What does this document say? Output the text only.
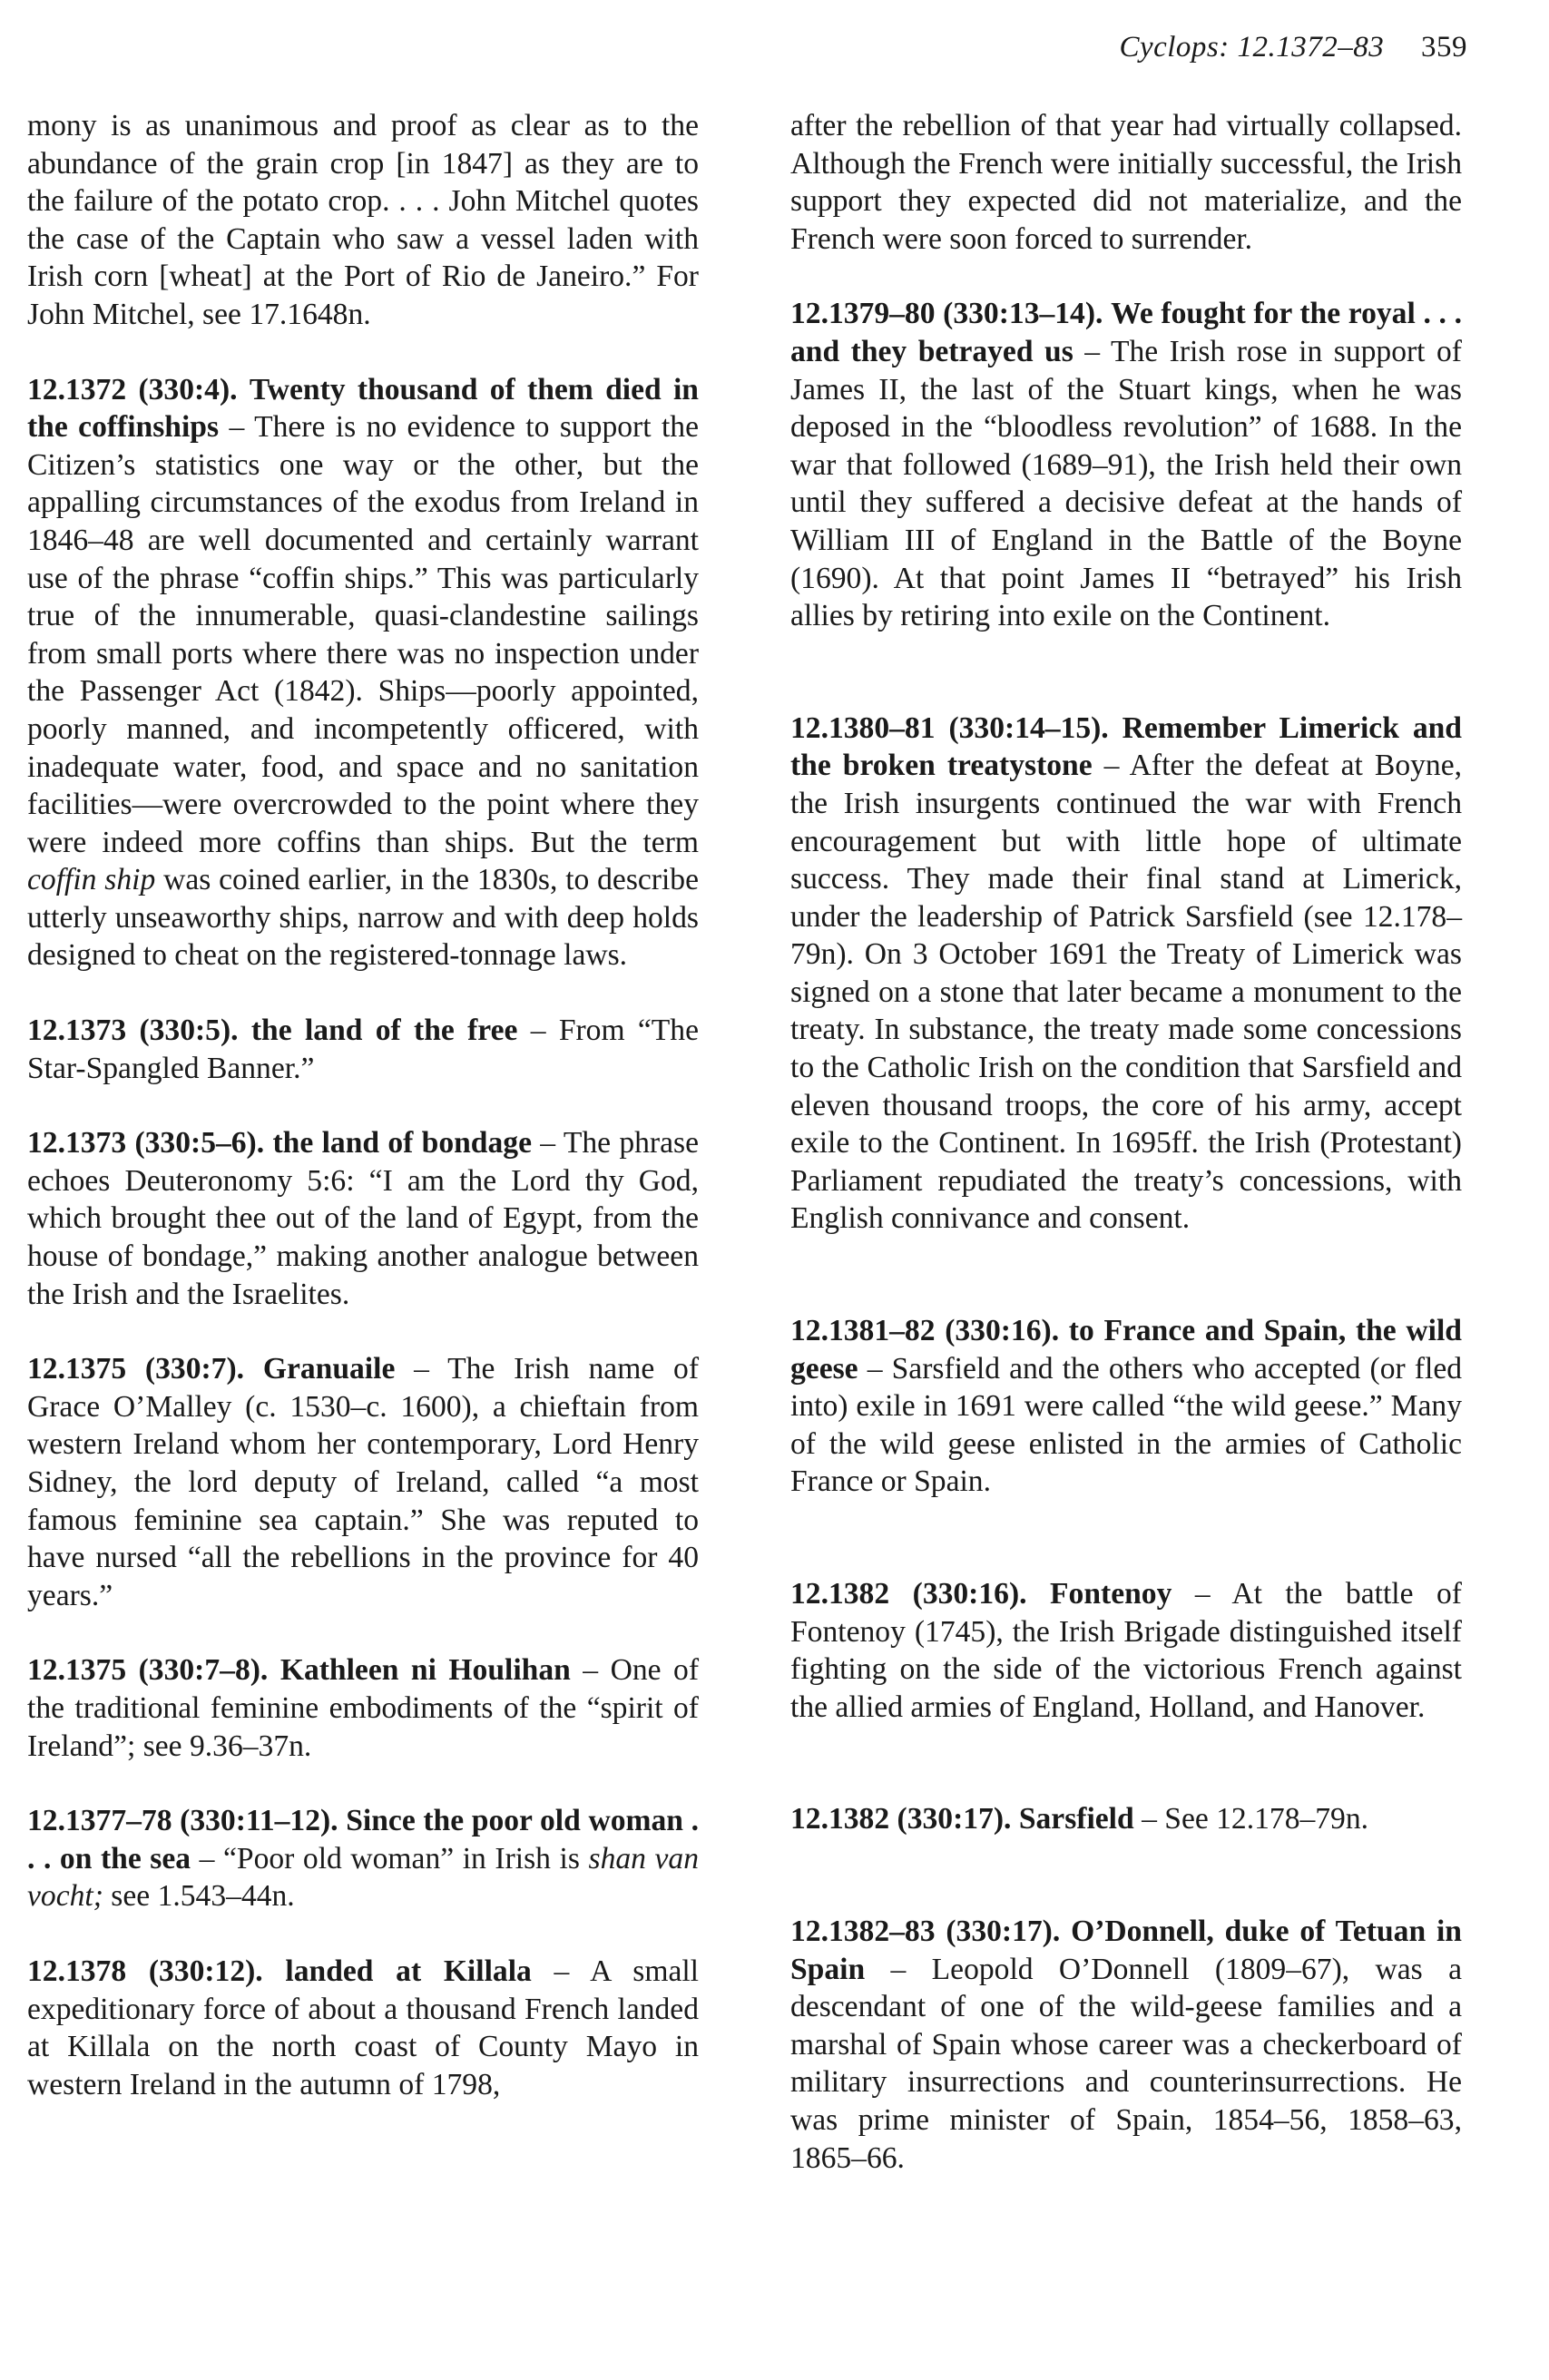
Cyclops: 12.1372–83 359

mony is as unanimous and proof as clear as to the abundance of the grain crop [in 1847] as they are to the failure of the potato crop. . . . John Mitchel quotes the case of the Captain who saw a vessel laden with Irish corn [wheat] at the Port of Rio de Janeiro.” For John Mitchel, see 17.1648n.

12.1372 (330:4). Twenty thousand of them died in the coffinships – There is no evidence to support the Citizen’s statistics one way or the other, but the appalling circumstances of the exodus from Ireland in 1846–48 are well documented and certainly warrant use of the phrase “coffin ships.” This was particularly true of the innumerable, quasi-clandestine sailings from small ports where there was no inspection under the Passenger Act (1842). Ships—poorly appointed, poorly manned, and incompetently officered, with inadequate water, food, and space and no sanitation facilities—were overcrowded to the point where they were indeed more coffins than ships. But the term coffin ship was coined earlier, in the 1830s, to describe utterly unseaworthy ships, narrow and with deep holds designed to cheat on the registered-tonnage laws.

12.1373 (330:5). the land of the free – From “The Star-Spangled Banner.”

12.1373 (330:5–6). the land of bondage – The phrase echoes Deuteronomy 5:6: “I am the Lord thy God, which brought thee out of the land of Egypt, from the house of bondage,” making another analogue between the Irish and the Israelites.

12.1375 (330:7). Granuaile – The Irish name of Grace O’Malley (c. 1530–c. 1600), a chieftain from western Ireland whom her contemporary, Lord Henry Sidney, the lord deputy of Ireland, called “a most famous feminine sea captain.” She was reputed to have nursed “all the rebellions in the province for 40 years.”

12.1375 (330:7–8). Kathleen ni Houlihan – One of the traditional feminine embodiments of the “spirit of Ireland”; see 9.36–37n.

12.1377–78 (330:11–12). Since the poor old woman . . . on the sea – “Poor old woman” in Irish is shan van vocht; see 1.543–44n.

12.1378 (330:12). landed at Killala – A small expeditionary force of about a thousand French landed at Killala on the north coast of County Mayo in western Ireland in the autumn of 1798,

after the rebellion of that year had virtually collapsed. Although the French were initially successful, the Irish support they expected did not materialize, and the French were soon forced to surrender.

12.1379–80 (330:13–14). We fought for the royal . . . and they betrayed us – The Irish rose in support of James II, the last of the Stuart kings, when he was deposed in the “bloodless revolution” of 1688. In the war that followed (1689–91), the Irish held their own until they suffered a decisive defeat at the hands of William III of England in the Battle of the Boyne (1690). At that point James II “betrayed” his Irish allies by retiring into exile on the Continent.

12.1380–81 (330:14–15). Remember Limerick and the broken treatystone – After the defeat at Boyne, the Irish insurgents continued the war with French encouragement but with little hope of ultimate success. They made their final stand at Limerick, under the leadership of Patrick Sarsfield (see 12.178–79n). On 3 October 1691 the Treaty of Limerick was signed on a stone that later became a monument to the treaty. In substance, the treaty made some concessions to the Catholic Irish on the condition that Sarsfield and eleven thousand troops, the core of his army, accept exile to the Continent. In 1695ff. the Irish (Protestant) Parliament repudiated the treaty’s concessions, with English connivance and consent.

12.1381–82 (330:16). to France and Spain, the wild geese – Sarsfield and the others who accepted (or fled into) exile in 1691 were called “the wild geese.” Many of the wild geese enlisted in the armies of Catholic France or Spain.

12.1382 (330:16). Fontenoy – At the battle of Fontenoy (1745), the Irish Brigade distinguished itself fighting on the side of the victorious French against the allied armies of England, Holland, and Hanover.

12.1382 (330:17). Sarsfield – See 12.178–79n.

12.1382–83 (330:17). O’Donnell, duke of Tetuan in Spain – Leopold O’Donnell (1809–67), was a descendant of one of the wild-geese families and a marshal of Spain whose career was a checkerboard of military insurrections and counterinsurrections. He was prime minister of Spain, 1854–56, 1858–63, 1865–66.
